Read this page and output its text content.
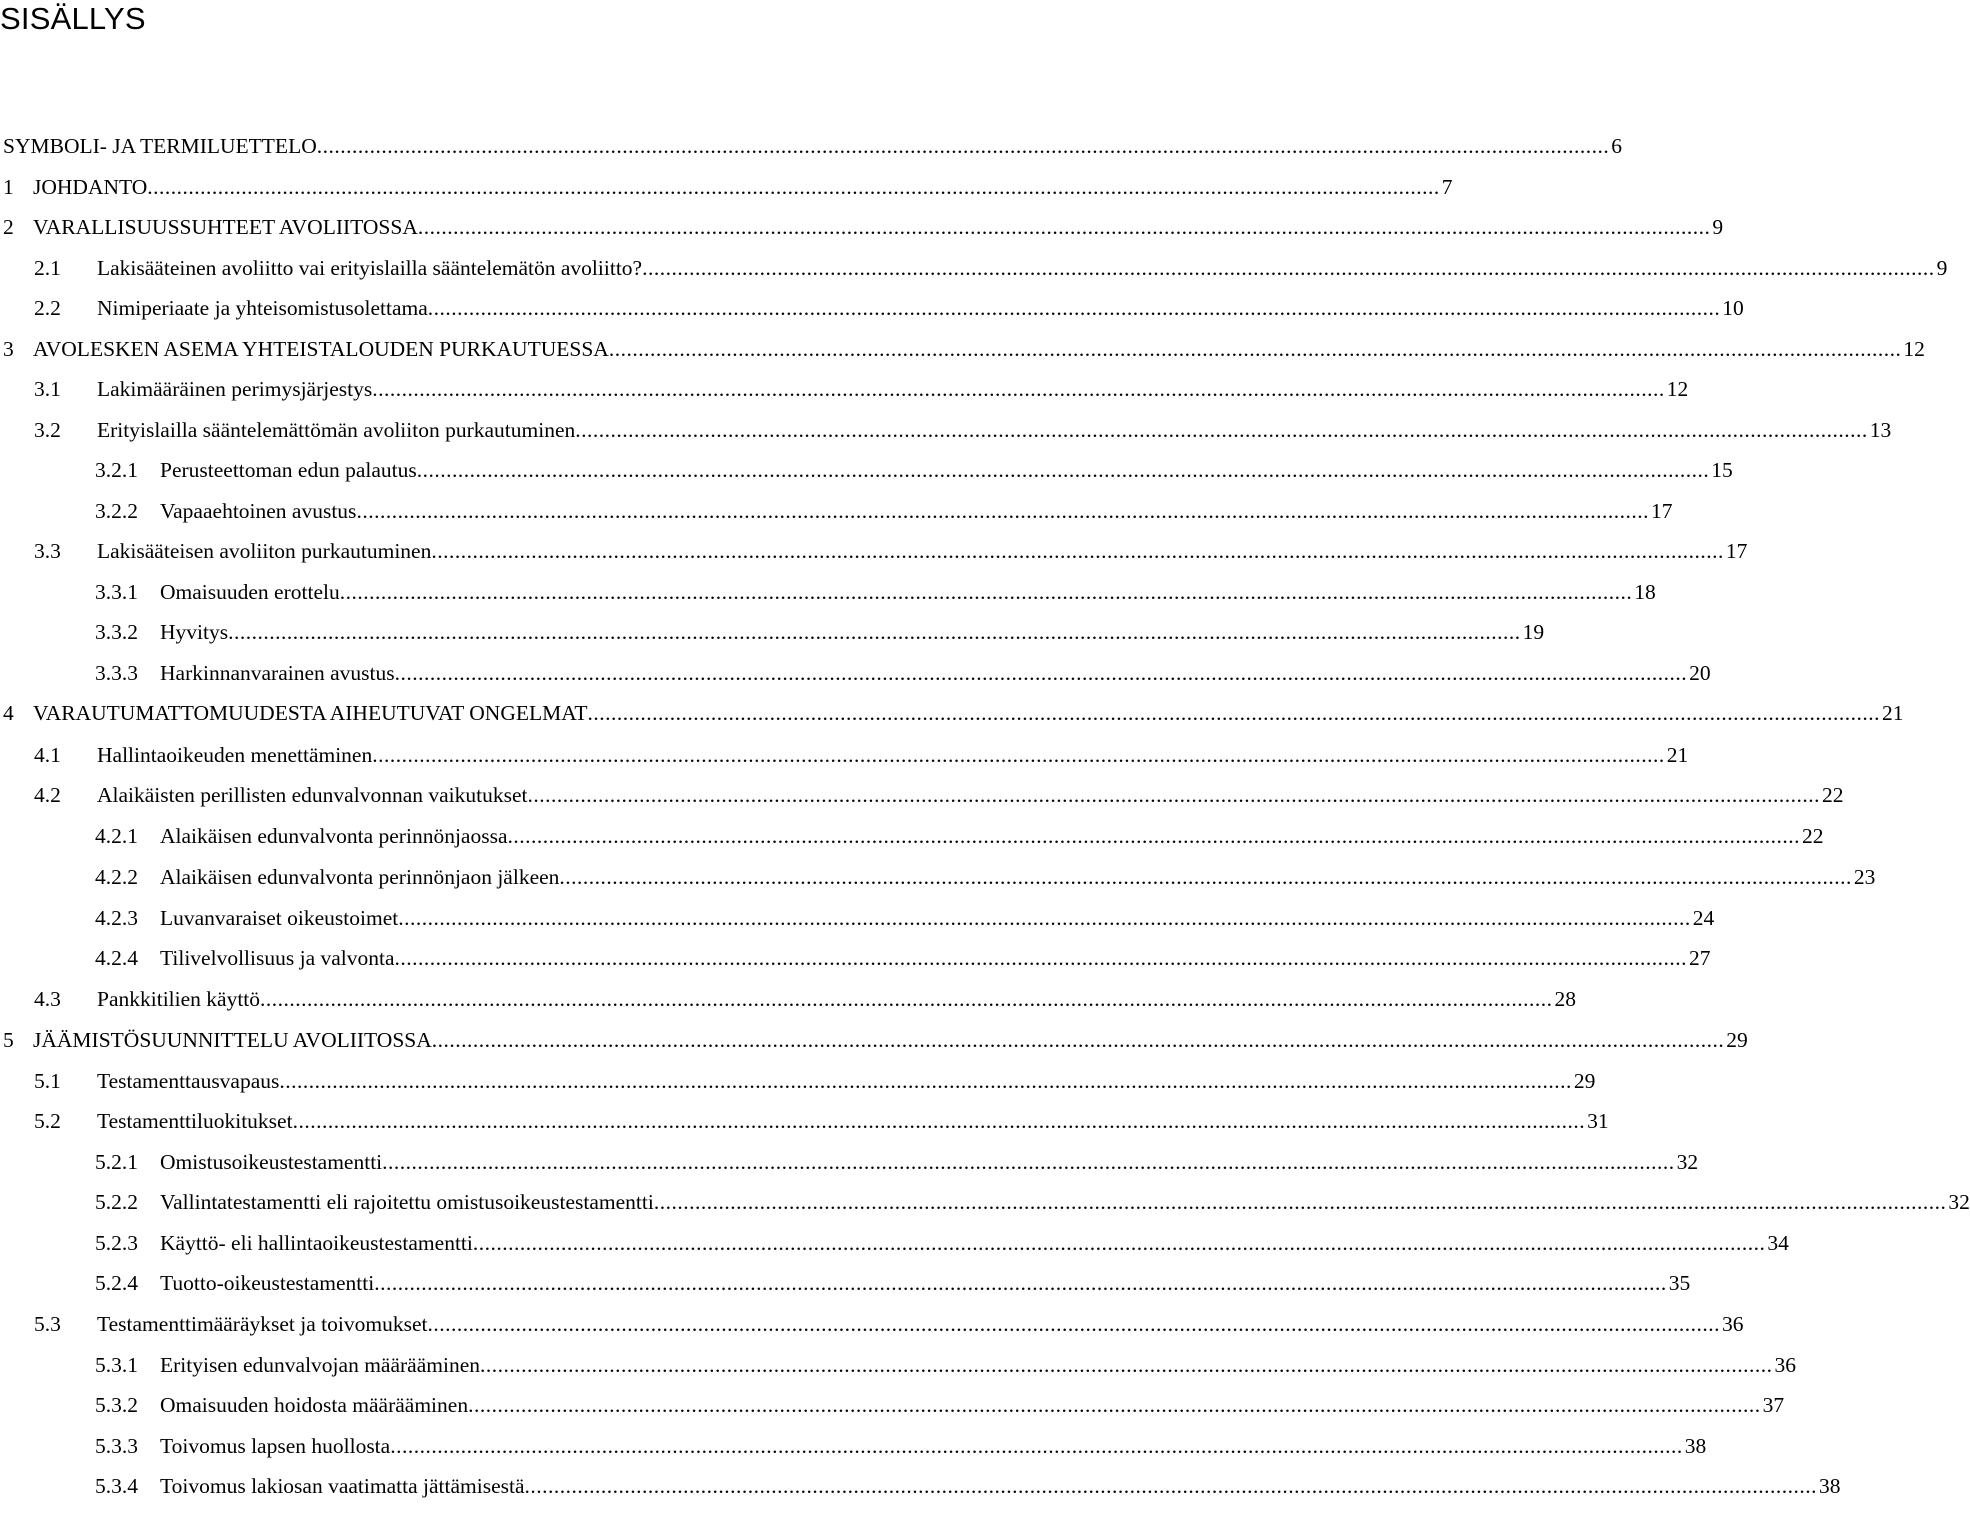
SISÄLLYS
SYMBOLI- JA TERMILUETTELO ............................................................................................................................................................................................................................ 6
1 JOHDANTO ............................................................................................................................................................................................................................ 7
2 VARALLISUUSSUHTEET AVOLIITOSSA ............................................................................................................................................................................................................................ 9
2.1 Lakisääteinen avoliitto vai erityislailla sääntelemätön avoliitto? ............................................................................................................................................................................................................................ 9
2.2 Nimiperiaate ja yhteisomistusolettama ............................................................................................................................................................................................................................ 10
3 AVOLESKEN ASEMA YHTEISTALOUDEN PURKAUTUESSA ............................................................................................................................................................................................................................ 12
3.1 Lakimääräinen perimysjärjestys ............................................................................................................................................................................................................................ 12
3.2 Erityislailla sääntelemättömän avoliiton purkautuminen ............................................................................................................................................................................................................................ 13
3.2.1 Perusteettoman edun palautus ............................................................................................................................................................................................................................ 15
3.2.2 Vapaaehtoinen avustus ............................................................................................................................................................................................................................ 17
3.3 Lakisääteisen avoliiton purkautuminen ............................................................................................................................................................................................................................ 17
3.3.1 Omaisuuden erottelu ............................................................................................................................................................................................................................ 18
3.3.2 Hyvitys ............................................................................................................................................................................................................................ 19
3.3.3 Harkinnanvarainen avustus ............................................................................................................................................................................................................................ 20
4 VARAUTUMATTOMUUDESTA AIHEUTUVAT ONGELMAT ............................................................................................................................................................................................................................ 21
4.1 Hallintaoikeuden menettäminen ............................................................................................................................................................................................................................ 21
4.2 Alaikäisten perillisten edunvalvonnan vaikutukset ............................................................................................................................................................................................................................ 22
4.2.1 Alaikäisen edunvalvonta perinnönjaossa ............................................................................................................................................................................................................................ 22
4.2.2 Alaikäisen edunvalvonta perinnönjaon jälkeen ............................................................................................................................................................................................................................ 23
4.2.3 Luvanvaraiset oikeustoimet ............................................................................................................................................................................................................................ 24
4.2.4 Tilivelvollisuus ja valvonta ............................................................................................................................................................................................................................ 27
4.3 Pankkitilien käyttö ............................................................................................................................................................................................................................ 28
5 JÄÄMISTÖSUUNNITTELU AVOLIITOSSA ............................................................................................................................................................................................................................ 29
5.1 Testamenttausvapaus ............................................................................................................................................................................................................................ 29
5.2 Testamenttiluokitukset ............................................................................................................................................................................................................................ 31
5.2.1 Omistusoikeustestamentti ............................................................................................................................................................................................................................ 32
5.2.2 Vallintatestamentti eli rajoitettu omistusoikeustestamentti ............................................................................................................................................................................................................................ 32
5.2.3 Käyttö- eli hallintaoikeustestamentti ............................................................................................................................................................................................................................ 34
5.2.4 Tuotto-oikeustestamentti ............................................................................................................................................................................................................................ 35
5.3 Testamenttimääräykset ja toivomukset ............................................................................................................................................................................................................................ 36
5.3.1 Erityisen edunvalvojan määrääminen ............................................................................................................................................................................................................................ 36
5.3.2 Omaisuuden hoidosta määrääminen ............................................................................................................................................................................................................................ 37
5.3.3 Toivomus lapsen huollosta ............................................................................................................................................................................................................................ 38
5.3.4 Toivomus lakiosan vaatimatta jättämisestä ............................................................................................................................................................................................................................ 38
